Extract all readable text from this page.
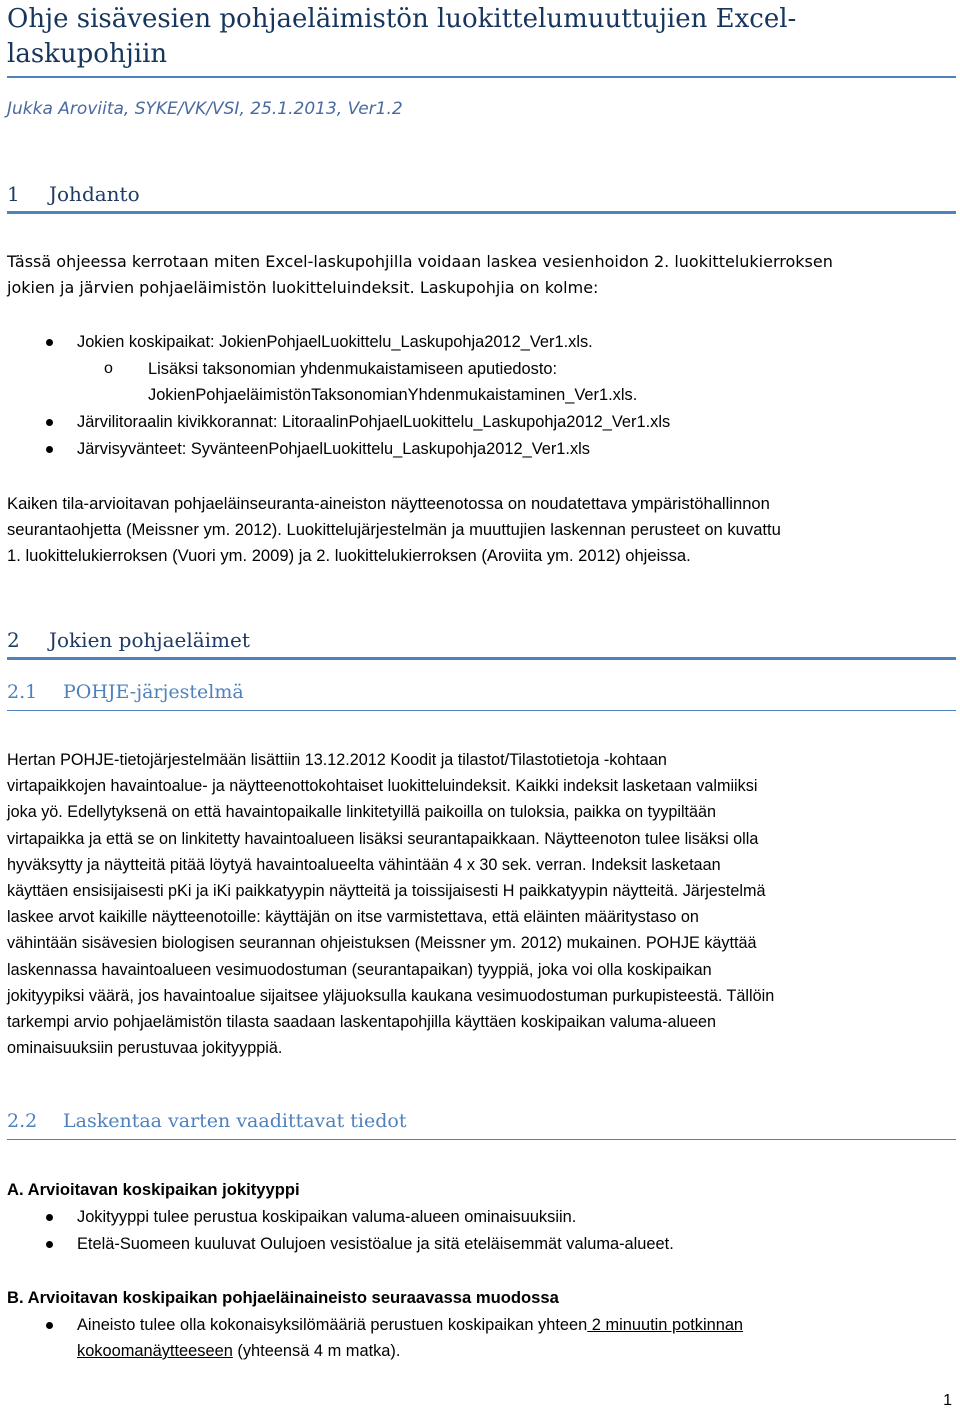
Ohje sisävesien pohjaeläimistön luokittelumuuttujien Excel-laskupohjiin
Jukka Aroviita, SYKE/VK/VSI, 25.1.2013, Ver1.2
1 Johdanto
Tässä ohjeessa kerrotaan miten Excel-laskupohjilla voidaan laskea vesienhoidon 2. luokittelukierroksen
jokien ja järvien pohjaeläimistön luokitteluindeksit. Laskupohjia on kolme:
Jokien koskipaikat: JokienPohjaelLuokittelu_Laskupohja2012_Ver1.xls.
o Lisäksi taksonomian yhdenmukaistamiseen aputiedosto:
JokienPohjaeläimistönTaksonomianYhdenmukaistaminen_Ver1.xls.
Järvilitoraalin kivikkorannat: LitoraalinPohjaelLuokittelu_Laskupohja2012_Ver1.xls
Järvisyvänteet: SyvänteenPohjaelLuokittelu_Laskupohja2012_Ver1.xls
Kaiken tila-arvioitavan pohjaeläinseuranta-aineiston näytteenotossa on noudatettava ympäristöhallinnon
seurantaohjetta (Meissner ym. 2012). Luokittelujärjestelmän ja muuttujien laskennan perusteet on kuvattu
1. luokittelukierroksen (Vuori ym. 2009) ja 2. luokittelukierroksen (Aroviita ym. 2012) ohjeissa.
2 Jokien pohjaeläimet
2.1 POHJE-järjestelmä
Hertan POHJE-tietojärjestelmään lisättiin 13.12.2012 Koodit ja tilastot/Tilastotietoja -kohtaan
virtapaikkojen havaintoalue- ja näytteenottokohtaiset luokitteluindeksit. Kaikki indeksit lasketaan valmiiksi
joka yö. Edellytyksenä on että havaintopaikalle linkitetyillä paikoilla on tuloksia, paikka on tyypiltään
virtapaikka ja että se on linkitetty havaintoalueen lisäksi seurantapaikkaan. Näytteenoton tulee lisäksi olla
hyväksytty ja näytteitä pitää löytyä havaintoalueelta vähintään 4 x 30 sek. verran. Indeksit lasketaan
käyttäen ensisijaisesti pKi ja iKi paikkatyypin näytteitä ja toissijaisesti H paikkatyypin näytteitä. Järjestelmä
laskee arvot kaikille näytteenotoille: käyttäjän on itse varmistettava, että eläinten määritystaso on
vähintään sisävesien biologisen seurannan ohjeistuksen (Meissner ym. 2012) mukainen. POHJE käyttää
laskennassa havaintoalueen vesimuodostuman (seurantapaikan) tyyppiä, joka voi olla koskipaikan
jokityypiksi väärä, jos havaintoalue sijaitsee yläjuoksulla kaukana vesimuodostuman purkupisteestä. Tällöin
tarkempi arvio pohjaelämistön tilasta saadaan laskentapohjilla käyttäen koskipaikan valuma-alueen
ominaisuuksiin perustuvaa jokityyppiä.
2.2 Laskentaa varten vaadittavat tiedot
A. Arvioitavan koskipaikan jokityyppi
Jokityyppi tulee perustua koskipaikan valuma-alueen ominaisuuksiin.
Etelä-Suomeen kuuluvat Oulujoen vesistöalue ja sitä eteläisemmät valuma-alueet.
B. Arvioitavan koskipaikan pohjaeläinaineisto seuraavassa muodossa
Aineisto tulee olla kokonaisyksilömääriä perustuen koskipaikan yhteen 2 minuutin potkinnan
kokoomanäytteeseen (yhteensä 4 m matka).
1
